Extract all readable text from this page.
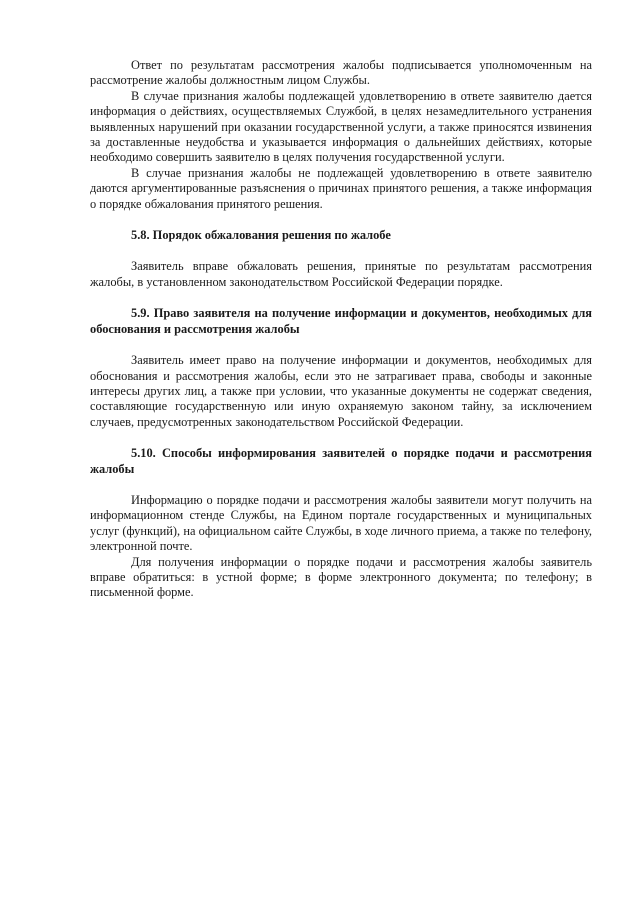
Ответ по результатам рассмотрения жалобы подписывается уполномоченным на рассмотрение жалобы должностным лицом Службы.

В случае признания жалобы подлежащей удовлетворению в ответе заявителю дается информация о действиях, осуществляемых Службой, в целях незамедлительного устранения выявленных нарушений при оказании государственной услуги, а также приносятся извинения за доставленные неудобства и указывается информация о дальнейших действиях, которые необходимо совершить заявителю в целях получения государственной услуги.

В случае признания жалобы не подлежащей удовлетворению в ответе заявителю даются аргументированные разъяснения о причинах принятого решения, а также информация о порядке обжалования принятого решения.

5.8. Порядок обжалования решения по жалобе

Заявитель вправе обжаловать решения, принятые по результатам рассмотрения жалобы, в установленном законодательством Российской Федерации порядке.

5.9. Право заявителя на получение информации и документов, необходимых для обоснования и рассмотрения жалобы

Заявитель имеет право на получение информации и документов, необходимых для обоснования и рассмотрения жалобы, если это не затрагивает права, свободы и законные интересы других лиц, а также при условии, что указанные документы не содержат сведения, составляющие государственную или иную охраняемую законом тайну, за исключением случаев, предусмотренных законодательством Российской Федерации.

5.10. Способы информирования заявителей о порядке подачи и рассмотрения жалобы

Информацию о порядке подачи и рассмотрения жалобы заявители могут получить на информационном стенде Службы, на Едином портале государственных и муниципальных услуг (функций), на официальном сайте Службы, в ходе личного приема, а также по телефону, электронной почте.

Для получения информации о порядке подачи и рассмотрения жалобы заявитель вправе обратиться: в устной форме; в форме электронного документа; по телефону; в письменной форме.
